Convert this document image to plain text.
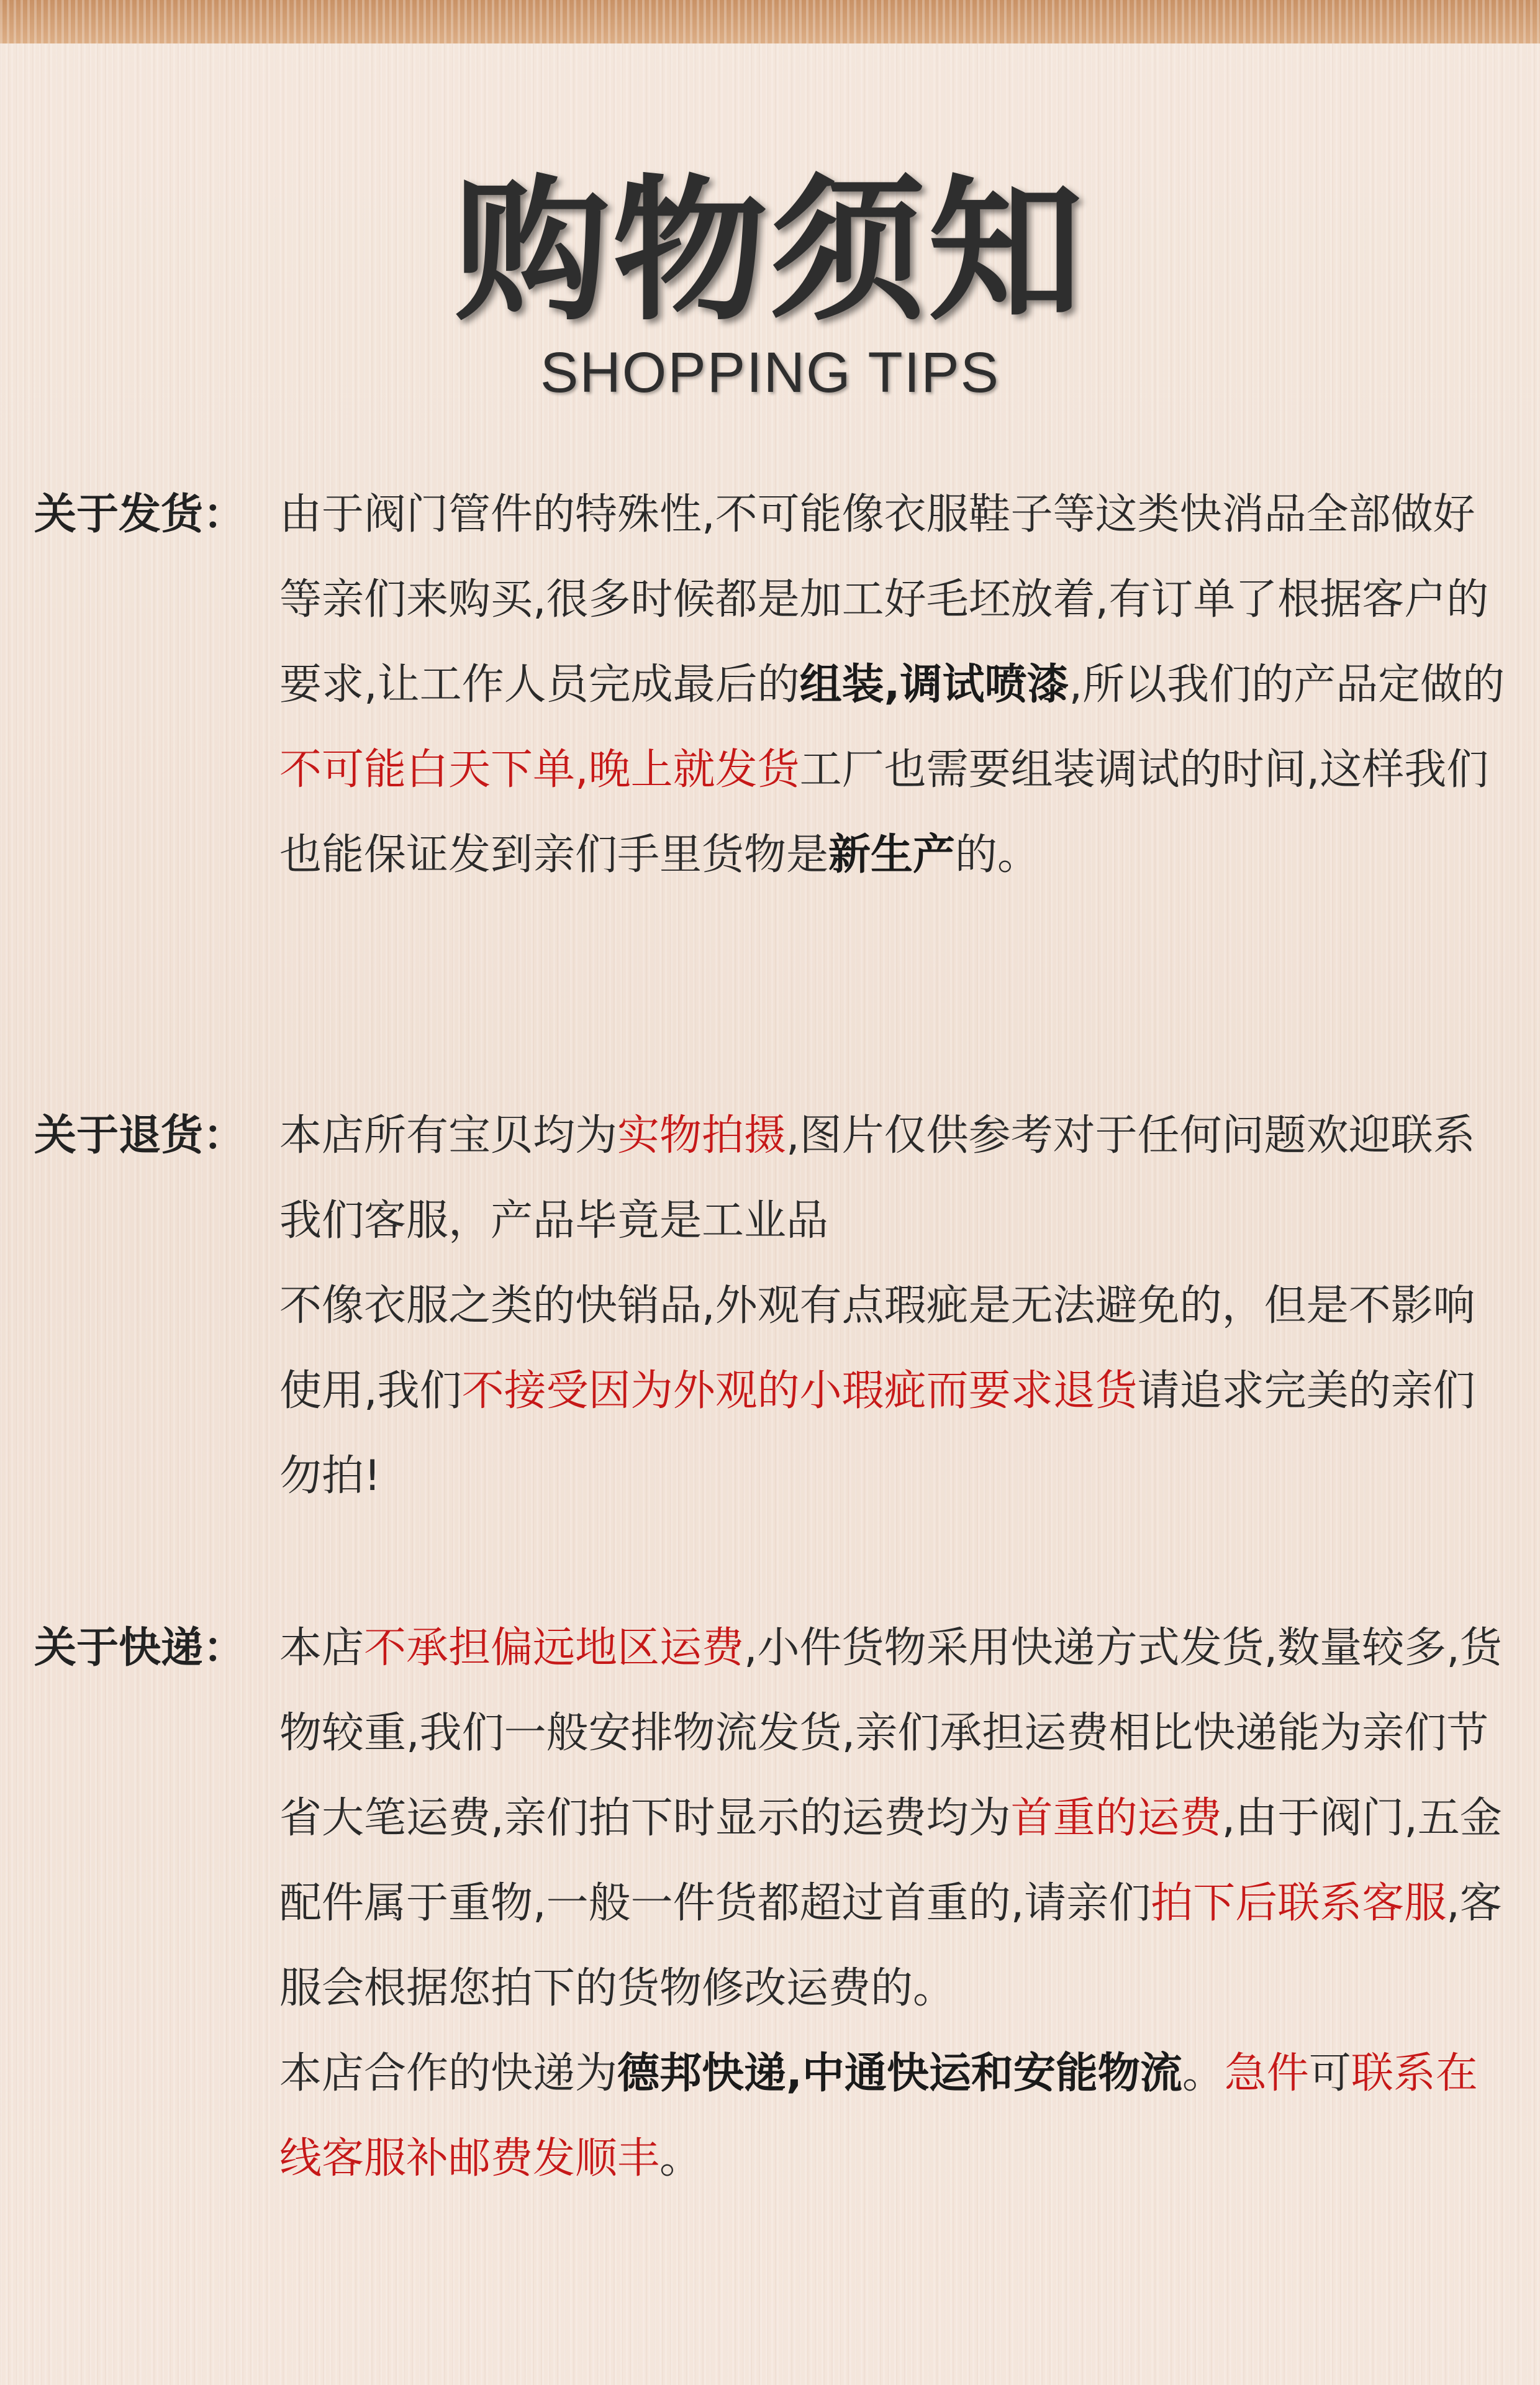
购物须知
SHOPPING TIPS
关于发货： 由于阀门管件的特殊性,不可能像衣服鞋子等这类快消品全部做好等亲们来购买,很多时候都是加工好毛坯放着,有订单了根据客户的要求,让工作人员完成最后的组装,调试喷漆,所以我们的产品定做的不可能白天下单,晚上就发货工厂也需要组装调试的时间,这样我们也能保证发到亲们手里货物是新生产的。

关于退货： 本店所有宝贝均为实物拍摄,图片仅供参考对于任何问题欢迎联系我们客服，产品毕竟是工业品

不像衣服之类的快销品,外观有点瑕疵是无法避免的，但是不影响使用,我们不接受因为外观的小瑕疵而要求退货请追求完美的亲们勿拍!

关于快递： 本店不承担偏远地区运费,小件货物采用快递方式发货,数量较多,货物较重,我们一般安排物流发货,亲们承担运费相比快递能为亲们节省大笔运费,亲们拍下时显示的运费均为首重的运费,由于阀门,五金配件属于重物,一般一件货都超过首重的,请亲们拍下后联系客服,客服会根据您拍下的货物修改运费的。

本店合作的快递为德邦快递,中通快运和安能物流。急件可联系在线客服补邮费发顺丰。
